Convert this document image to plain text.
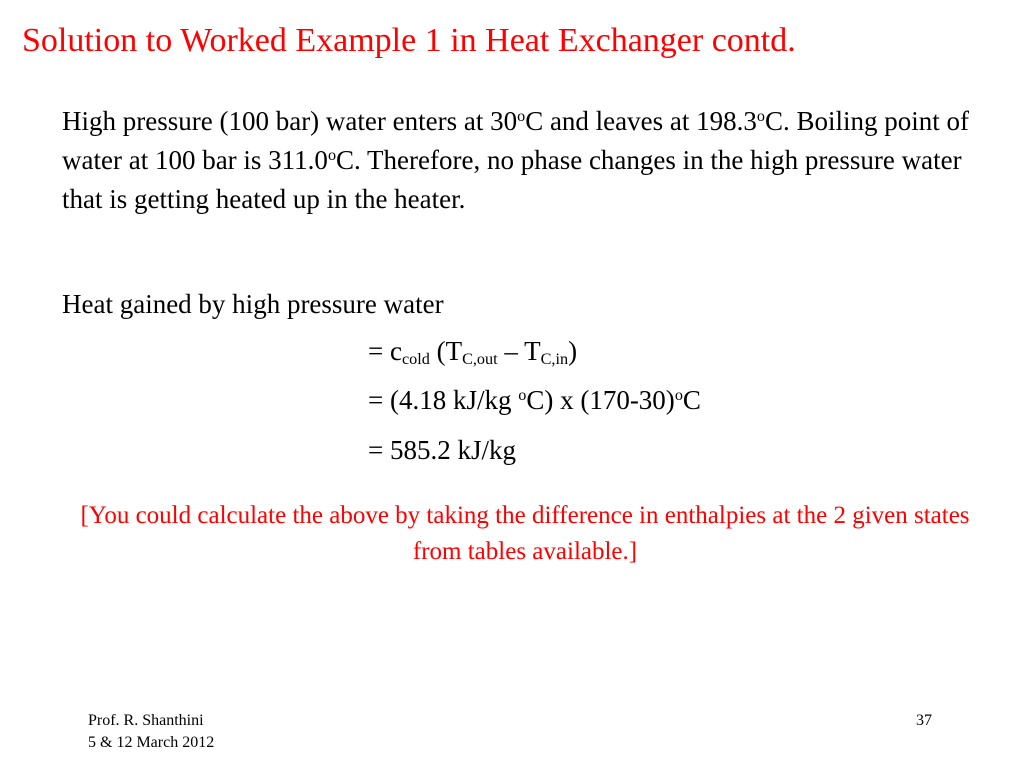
Solution to Worked Example 1 in Heat Exchanger contd.
High pressure (100 bar) water enters at 30$^o$C and leaves at 198.3$^o$C. Boiling point of water at 100 bar is 311.0$^o$C. Therefore, no phase changes in the high pressure water that is getting heated up in the heater.
Heat gained by high pressure water
= $c_{cold}$ $(T_{C,out} - T_{C,in})$
= (4.18 kJ/kg $^o$C) x $(170-30)^oC$
= 585.2 kJ/kg
[You could calculate the above by taking the difference in enthalpies at the 2 given states from tables available.]
Prof. R. Shanthini
5 & 12 March 2012
37
